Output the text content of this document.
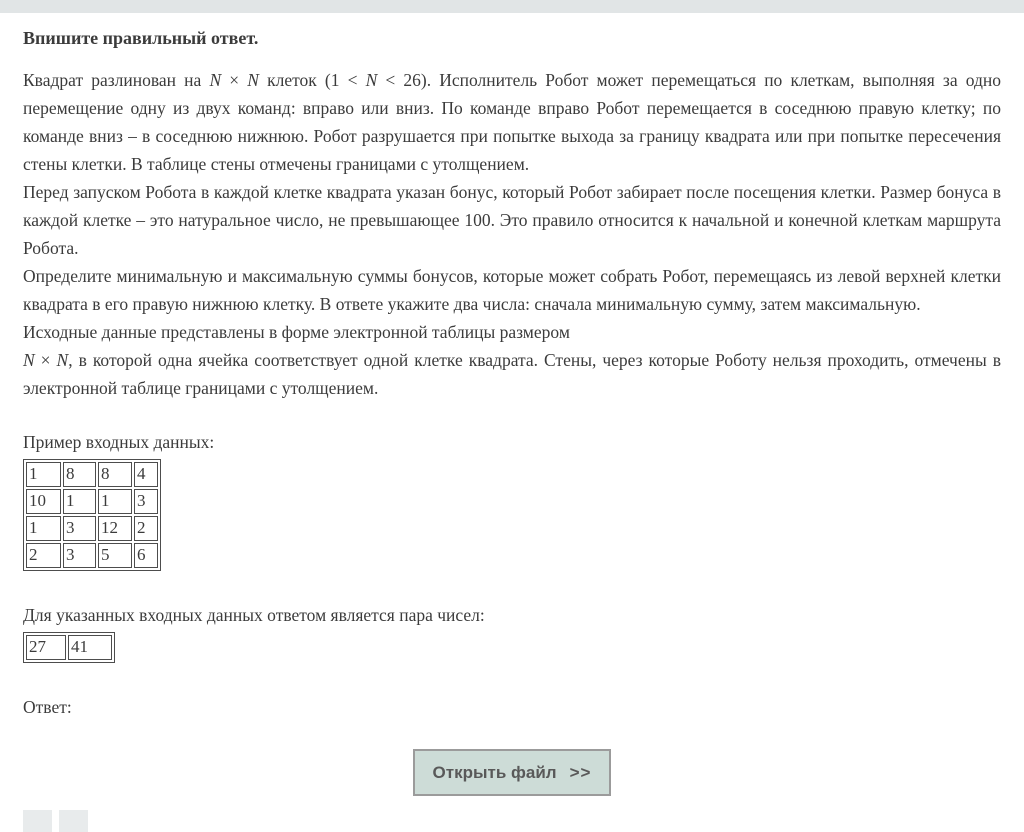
Впишите правильный ответ.

Квадрат разлинован на N × N клеток (1 < N < 26). Исполнитель Робот может перемещаться по клеткам, выполняя за одно перемещение одну из двух команд: вправо или вниз. По команде вправо Робот перемещается в соседнюю правую клетку; по команде вниз – в соседнюю нижнюю. Робот разрушается при попытке выхода за границу квадрата или при попытке пересечения стены клетки. В таблице стены отмечены границами с утолщением.

Перед запуском Робота в каждой клетке квадрата указан бонус, который Робот забирает после посещения клетки. Размер бонуса в каждой клетке – это натуральное число, не превышающее 100. Это правило относится к начальной и конечной клеткам маршрута Робота.

Определите минимальную и максимальную суммы бонусов, которые может собрать Робот, перемещаясь из левой верхней клетки квадрата в его правую нижнюю клетку. В ответе укажите два числа: сначала минимальную сумму, затем максимальную.

Исходные данные представлены в форме электронной таблицы размером

N × N, в которой одна ячейка соответствует одной клетке квадрата. Стены, через которые Роботу нельзя проходить, отмечены в электронной таблице границами с утолщением.

Пример входных данных:
1	8	8	4
10	1	1	3
1	3	12	2
2	3	5	6
Для указанных входных данных ответом является пара чисел:
27	41
Ответ:
Открыть файл >>
